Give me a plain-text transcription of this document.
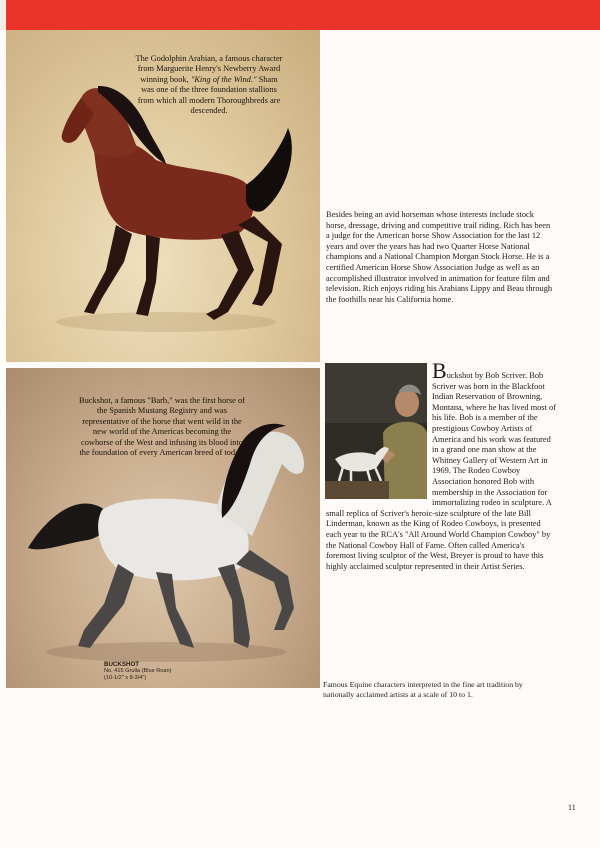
The Godolphin Arabian, a famous character from Marguerite Henry's Newberry Award winning book, "King of the Wind." Sham was one of the three foundation stallions from which all modern Thoroughbreds are descended.
Besides being an avid horseman whose interests include stock horse, dressage, driving and competitive trail riding. Rich has been a judge for the American horse Show Association for the last 12 years and over the years has had two Quarter Horse National champions and a National Champion Morgan Stock Horse. He is a certified American Horse Show Association Judge as well as an accomplished illustrator involved in animation for feature film and television. Rich enjoys riding his Arabians Lippy and Beau through the foothills near his California home.
Buckshot, a famous "Barb," was the first horse of the Spanish Mustang Registry and was representative of the horse that went wild in the new world of the Americas becoming the cowhorse of the West and infusing its blood into the foundation of every American breed of today.
BUCKSHOT
No. 415 Grulla (Blue Roan)
(10-1/2" x 8-3/4")
Buckshot by Bob Scriver. Bob Scriver was born in the Blackfoot Indian Reservation of Browning, Montana, where he has lived most of his life. Bob is a member of the prestigious Cowboy Artists of America and his work was featured in a grand one man show at the Whitney Gallery of Western Art in 1969. The Rodeo Cowboy Association honored Bob with membership in the Association for immortalizing rodeo in sculpture. A small replica of Scriver's heroic-size sculpture of the late Bill Linderman, known as the King of Rodeo Cowboys, is presented each year to the RCA's "All Around World Champion Cowboy" by the National Cowboy Hall of Fame. Often called America's foremost living sculptor of the West, Breyer is proud to have this highly acclaimed sculptor represented in their Artist Series.
Famous Equine characters interpreted in the fine art tradition by nationally acclaimed artists at a scale of 10 to 1.
11
